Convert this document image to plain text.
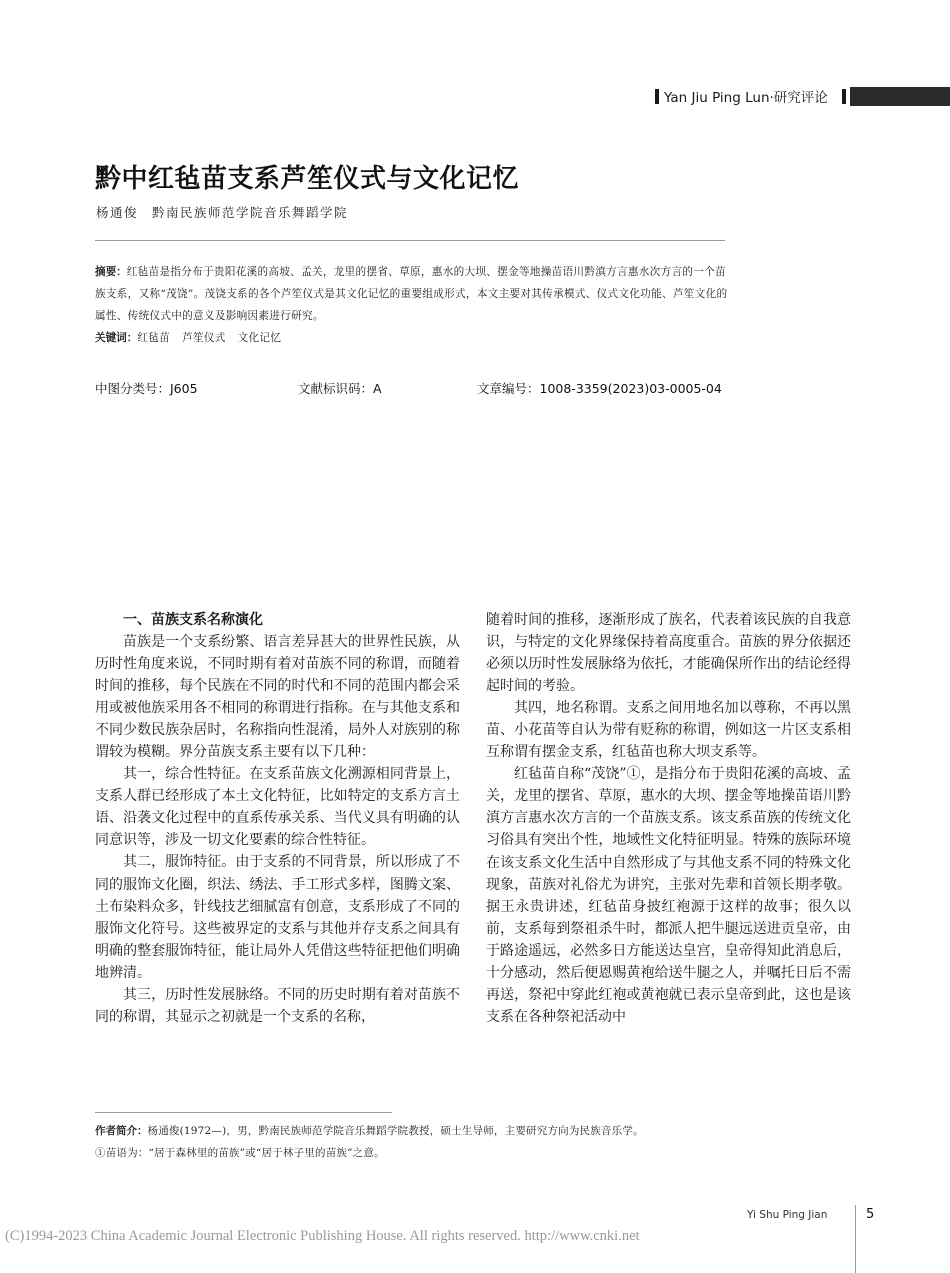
Yan Jiu Ping Lun·研究评论
黔中红毡苗支系芦笙仪式与文化记忆
杨通俊 黔南民族师范学院音乐舞蹈学院
摘要：红毡苗是指分布于贵阳花溪的高坡、孟关，龙里的摆省、草原，惠水的大坝、摆金等地操苗语川黔滇方言惠水次方言的一个苗族支系，又称“茂饶”。茂饶支系的各个芦笙仪式是其文化记忆的重要组成形式，本文主要对其传承模式、仪式文化功能、芦笙文化的属性、传统仪式中的意义及影响因素进行研究。
关键词：红毡苗 芦笙仪式 文化记忆
中图分类号：J605	文献标识码：A	文章编号：1008-3359(2023)03-0005-04
一、苗族支系名称演化

苗族是一个支系纷繁、语言差异甚大的世界性民族，从历时性角度来说，不同时期有着对苗族不同的称谓，而随着时间的推移，每个民族在不同的时代和不同的范围内都会采用或被他族采用各不相同的称谓进行指称。在与其他支系和不同少数民族杂居时，名称指向性混淆，局外人对族别的称谓较为模糊。界分苗族支系主要有以下几种：

其一，综合性特征。在支系苗族文化溯源相同背景上，支系人群已经形成了本土文化特征，比如特定的支系方言土语、沿袭文化过程中的直系传承关系、当代义具有明确的认同意识等，涉及一切文化要素的综合性特征。

其二，服饰特征。由于支系的不同背景，所以形成了不同的服饰文化圈，织法、绣法、手工形式多样，图腾文案、土布染料众多，针线技艺细腻富有创意，支系形成了不同的服饰文化符号。这些被界定的支系与其他并存支系之间具有明确的整套服饰特征，能让局外人凭借这些特征把他们明确地辨清。

其三，历时性发展脉络。不同的历史时期有着对苗族不同的称谓，其显示之初就是一个支系的名称，

随着时间的推移，逐渐形成了族名，代表着该民族的自我意识，与特定的文化界缘保持着高度重合。苗族的界分依据还必须以历时性发展脉络为依托，才能确保所作出的结论经得起时间的考验。

其四，地名称谓。支系之间用地名加以尊称，不再以黑苗、小花苗等自认为带有贬称的称谓，例如这一片区支系相互称谓有摆金支系，红毡苗也称大坝支系等。

红毡苗自称“茂饶”①，是指分布于贵阳花溪的高坡、孟关，龙里的摆省、草原，惠水的大坝、摆金等地操苗语川黔滇方言惠水次方言的一个苗族支系。该支系苗族的传统文化习俗具有突出个性，地域性文化特征明显。特殊的族际环境在该支系文化生活中自然形成了与其他支系不同的特殊文化现象，苗族对礼俗尤为讲究，主张对先辈和首领长期孝敬。据王永贵讲述，红毡苗身披红袍源于这样的故事；很久以前，支系每到祭祖杀牛时，都派人把牛腿远送进贡皇帝，由于路途遥远，必然多日方能送达皇宫，皇帝得知此消息后，十分感动，然后便恩赐黄袍给送牛腿之人，并嘱托日后不需再送，祭祀中穿此红袍或黄袍就已表示皇帝到此，这也是该支系在各种祭祀活动中

作者简介：杨通俊(1972—)，男，黔南民族师范学院音乐舞蹈学院教授，硕士生导师，主要研究方向为民族音乐学。
①苗语为：“居于森林里的苗族”或“居于林子里的苗族”之意。
Yi Shu Ping Jian	5
(C)1994-2023 China Academic Journal Electronic Publishing House. All rights reserved. http://www.cnki.net
